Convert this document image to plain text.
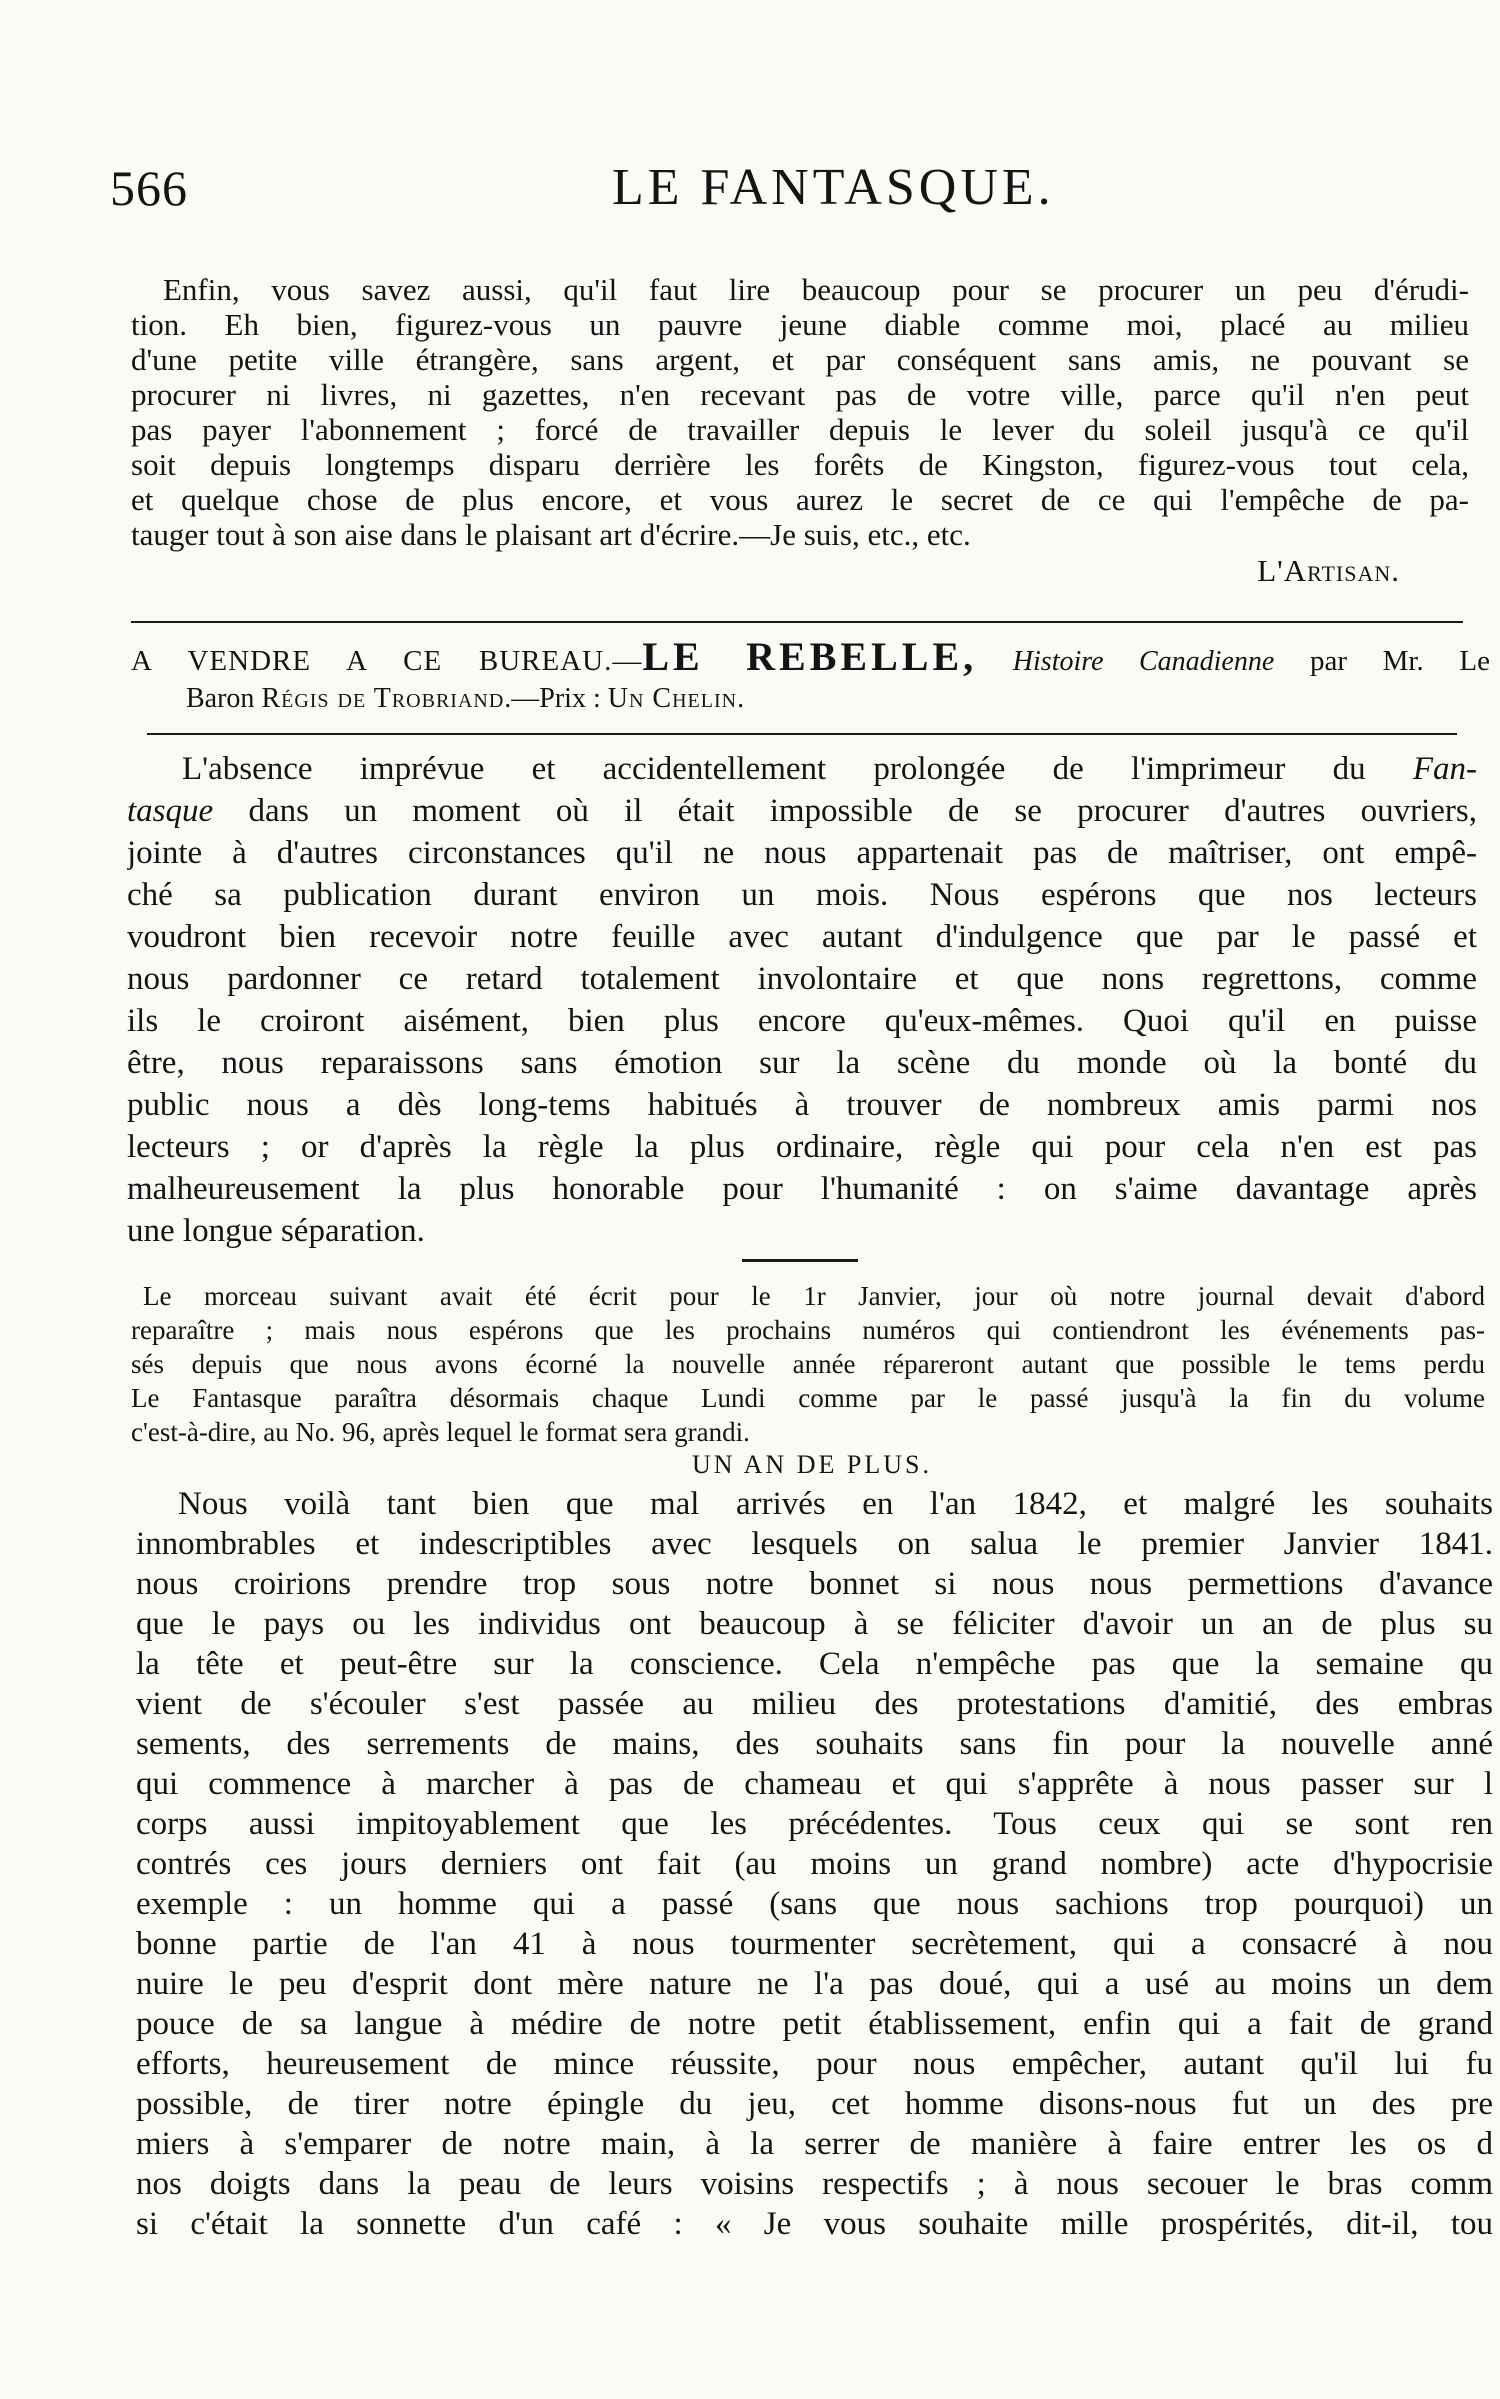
566	LE FANTASQUE.
Enfin, vous savez aussi, qu'il faut lire beaucoup pour se procurer un peu d'érudi-
tion. Eh bien, figurez-vous un pauvre jeune diable comme moi, placé au milieu
d'une petite ville étrangère, sans argent, et par conséquent sans amis, ne pouvant se
procurer ni livres, ni gazettes, n'en recevant pas de votre ville, parce qu'il n'en peut
pas payer l'abonnement ; forcé de travailler depuis le lever du soleil jusqu'à ce qu'il
soit depuis longtemps disparu derrière les forêts de Kingston, figurez-vous tout cela,
et quelque chose de plus encore, et vous aurez le secret de ce qui l'empêche de pa-
tauger tout à son aise dans le plaisant art d'écrire.—Je suis, etc., etc.
L'Artisan.
A VENDRE A CE BUREAU.—LE REBELLE, Histoire Canadienne par Mr. Le
Baron Régis de Trobriand.—Prix : Un Chelin.
L'absence imprévue et accidentellement prolongée de l'imprimeur du Fan-
tasque dans un moment où il était impossible de se procurer d'autres ouvriers,
jointe à d'autres circonstances qu'il ne nous appartenait pas de maîtriser, ont empê-
ché sa publication durant environ un mois. Nous espérons que nos lecteurs
voudront bien recevoir notre feuille avec autant d'indulgence que par le passé et
nous pardonner ce retard totalement involontaire et que nons regrettons, comme
ils le croiront aisément, bien plus encore qu'eux-mêmes. Quoi qu'il en puisse
être, nous reparaissons sans émotion sur la scène du monde où la bonté du
public nous a dès long-tems habitués à trouver de nombreux amis parmi nos
lecteurs ; or d'après la règle la plus ordinaire, règle qui pour cela n'en est pas
malheureusement la plus honorable pour l'humanité : on s'aime davantage après
une longue séparation.
Le morceau suivant avait été écrit pour le 1r Janvier, jour où notre journal devait d'abord
reparaître ; mais nous espérons que les prochains numéros qui contiendront les événements pas-
sés depuis que nous avons écorné la nouvelle année répareront autant que possible le tems perdu
Le Fantasque paraîtra désormais chaque Lundi comme par le passé jusqu'à la fin du volume
c'est-à-dire, au No. 96, après lequel le format sera grandi.
UN AN DE PLUS.
Nous voilà tant bien que mal arrivés en l'an 1842, et malgré les souhaits
innombrables et indescriptibles avec lesquels on salua le premier Janvier 1841.
nous croirions prendre trop sous notre bonnet si nous nous permettions d'avance
que le pays ou les individus ont beaucoup à se féliciter d'avoir un an de plus su
la tête et peut-être sur la conscience. Cela n'empêche pas que la semaine qu
vient de s'écouler s'est passée au milieu des protestations d'amitié, des embras
sements, des serrements de mains, des souhaits sans fin pour la nouvelle anné
qui commence à marcher à pas de chameau et qui s'apprête à nous passer sur l
corps aussi impitoyablement que les précédentes. Tous ceux qui se sont ren
contrés ces jours derniers ont fait (au moins un grand nombre) acte d'hypocrisie
exemple : un homme qui a passé (sans que nous sachions trop pourquoi) un
bonne partie de l'an 41 à nous tourmenter secrètement, qui a consacré à nou
nuire le peu d'esprit dont mère nature ne l'a pas doué, qui a usé au moins un dem
pouce de sa langue à médire de notre petit établissement, enfin qui a fait de grand
efforts, heureusement de mince réussite, pour nous empêcher, autant qu'il lui fu
possible, de tirer notre épingle du jeu, cet homme disons-nous fut un des pre
miers à s'emparer de notre main, à la serrer de manière à faire entrer les os d
nos doigts dans la peau de leurs voisins respectifs ; à nous secouer le bras comm
si c'était la sonnette d'un café : « Je vous souhaite mille prospérités, dit-il, tou
